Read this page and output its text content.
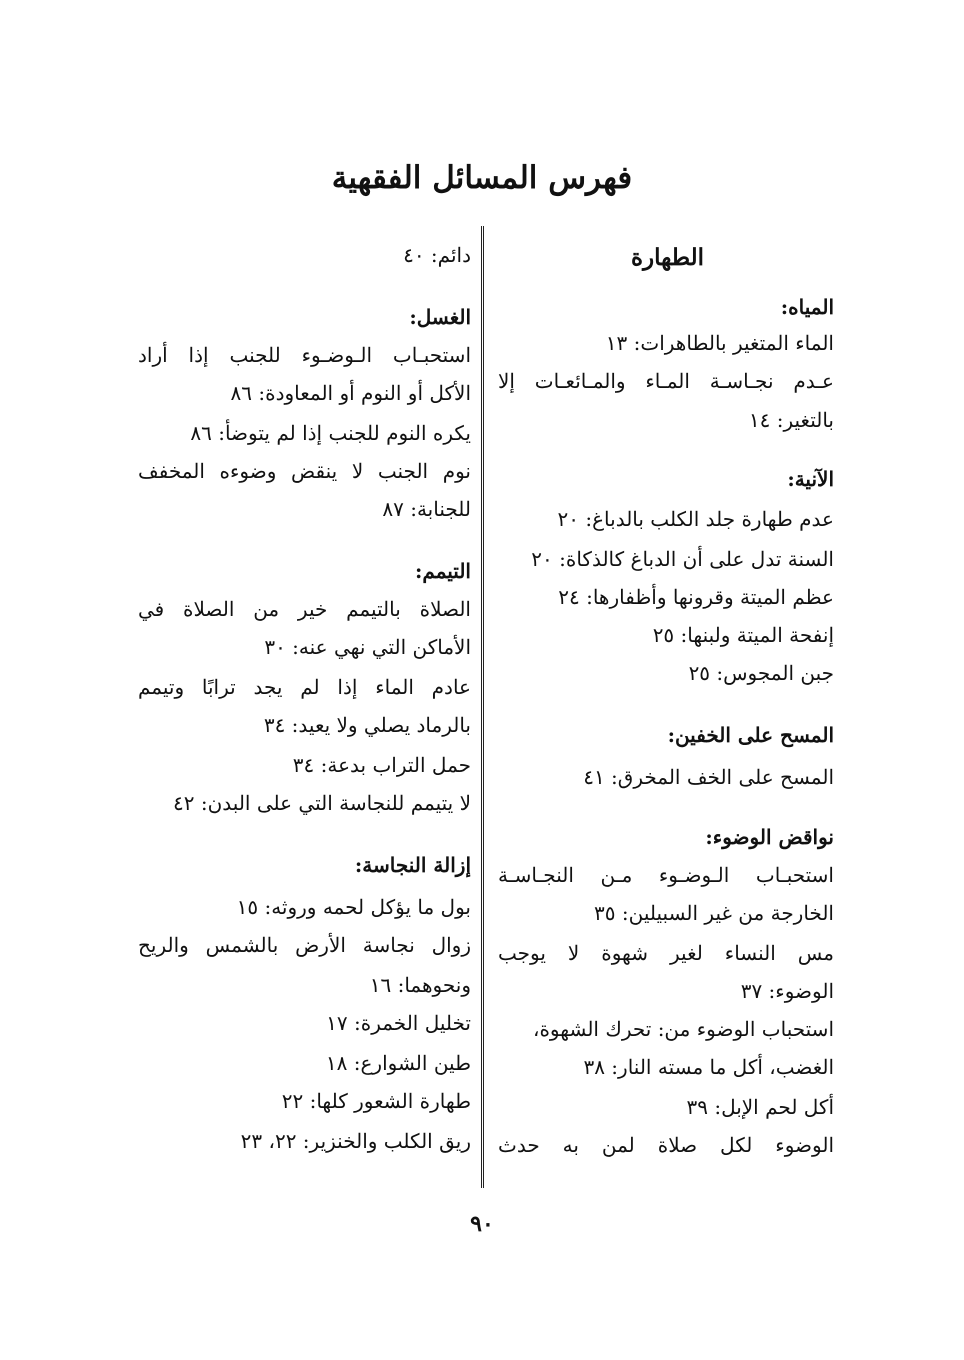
فهرس المسائل الفقهية
الطهارة
المياه:
الماء المتغير بالطاهرات: ١٣
عـدم نجـاسـة المـاء والمـائعـات إلا
بالتغير: ١٤
الآنية:
عدم طهارة جلد الكلب بالدباغ: ٢٠
السنة تدل على أن الدباغ كالذكاة: ٢٠
عظم الميتة وقرونها وأظفارها: ٢٤
إنفحة الميتة ولبنها: ٢٥
جبن المجوس: ٢٥
المسح على الخفين:
المسح على الخف المخرق: ٤١
نواقض الوضوء:
استحبـاب الـوضـوء مـن النجـاسـة
الخارجة من غير السبيلين: ٣٥
مس النساء لغير شهوة لا يوجب
الوضوء: ٣٧
استحباب الوضوء من: تحرك الشهوة،
الغضب، أكل ما مسته النار: ٣٨
أكل لحم الإبل: ٣٩
الوضوء لكل صلاة لمن به حدث
دائم: ٤٠
الغسل:
استحبـاب الـوضـوء للجنب إذا أراد
الأكل أو النوم أو المعاودة: ٨٦
يكره النوم للجنب إذا لم يتوضأ: ٨٦
نوم الجنب لا ينقض وضوءه المخفف
للجنابة: ٨٧
التيمم:
الصلاة بالتيمم خير من الصلاة في
الأماكن التي نهي عنه: ٣٠
عادم الماء إذا لم يجد ترابًا وتيمم
بالرماد يصلي ولا يعيد: ٣٤
حمل التراب بدعة: ٣٤
لا يتيمم للنجاسة التي على البدن: ٤٢
إزالة النجاسة:
بول ما يؤكل لحمه وروثه: ١٥
زوال نجاسة الأرض بالشمس والريح
ونحوهما: ١٦
تخليل الخمرة: ١٧
طين الشوارع: ١٨
طهارة الشعور كلها: ٢٢
ريق الكلب والخنزير: ٢٢، ٢٣
٩٠
